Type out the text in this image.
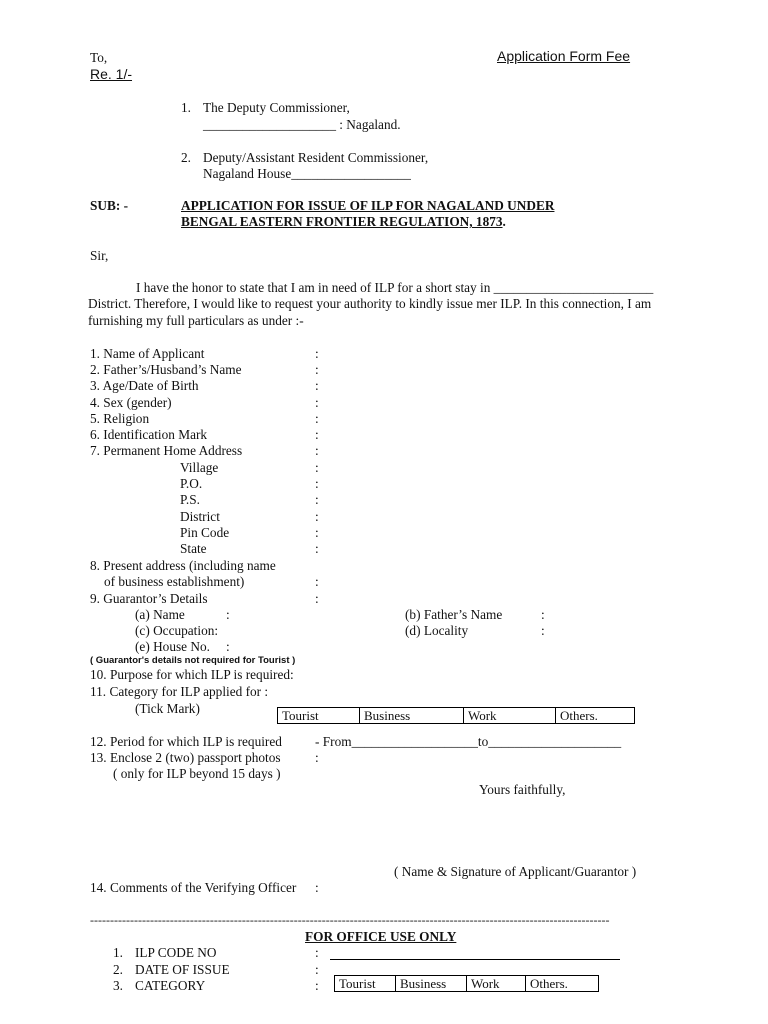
To,	Application Form Fee
Re. 1/-
1. The Deputy Commissioner,
____________________ : Nagaland.
2. Deputy/Assistant Resident Commissioner,
Nagaland House__________________
SUB: -	APPLICATION FOR ISSUE OF ILP FOR NAGALAND UNDER
BENGAL EASTERN FRONTIER REGULATION, 1873.
Sir,
I have the honor to state that I am in need of ILP for a short stay in ________________________
District. Therefore, I would like to request your authority to kindly issue mer ILP. In this connection, I am
furnishing my full particulars as under :-
1. Name of Applicant	:
2. Father’s/Husband’s Name	:
3. Age/Date of Birth	:
4. Sex (gender)	:
5. Religion	:
6. Identification Mark	:
7. Permanent Home Address	:
Village	:
P.O.	:
P.S.	:
District	:
Pin Code	:
State	:
8. Present address (including name
of business establishment)	:
9. Guarantor’s Details	:
(a) Name	:	(b) Father’s Name	:
(c) Occupation:	(d) Locality	:
(e) House No. :
( Guarantor's details not required for Tourist )
10. Purpose for which ILP is required:
11. Category for ILP applied for :
(Tick Mark)	Tourist	Business	Work	Others.
12. Period for which ILP is required - From___________________to____________________
13. Enclose 2 (two) passport photos	:
( only for ILP beyond 15 days )
Yours faithfully,
( Name & Signature of Applicant/Guarantor )
14. Comments of the Verifying Officer :
----------------------------------------------------------------------------------------------------------------------------------
FOR OFFICE USE ONLY
1. ILP CODE NO	:
2. DATE OF ISSUE	:
3. CATEGORY	: Tourist	Business	Work	Others.
